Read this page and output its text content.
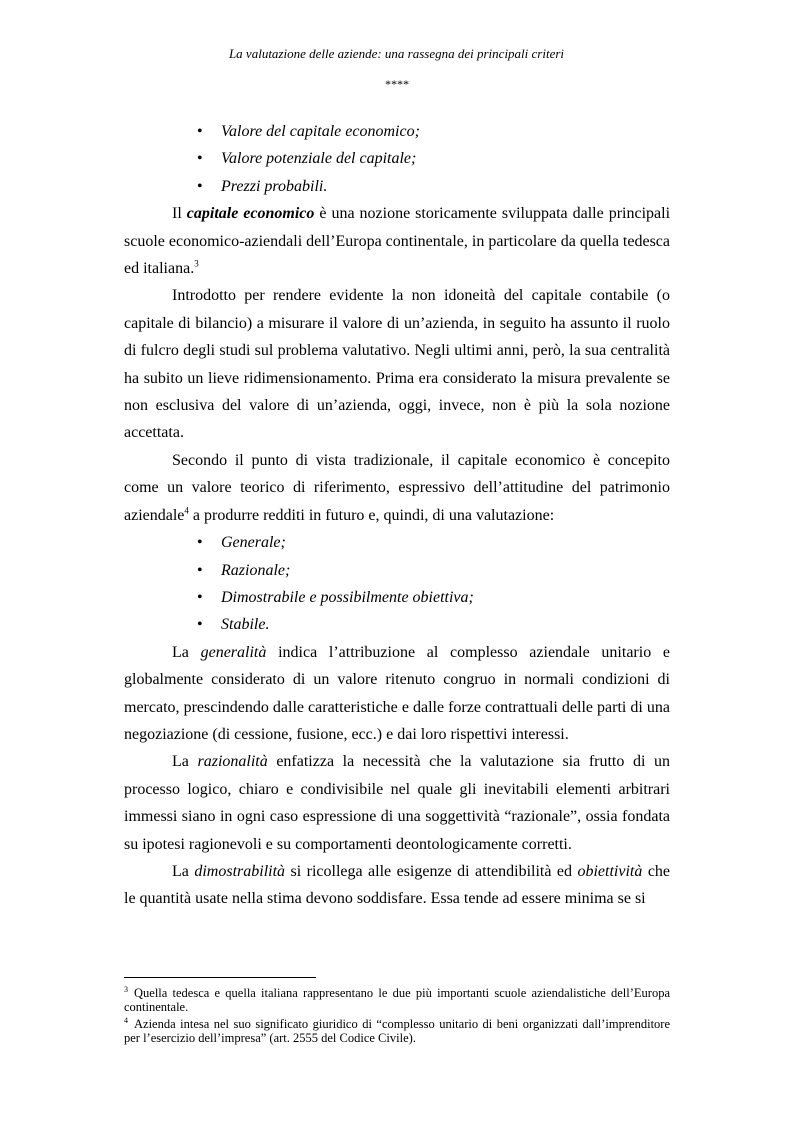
La valutazione delle aziende: una rassegna dei principali criteri
****
• Valore del capitale economico;
• Valore potenziale del capitale;
• Prezzi probabili.

Il capitale economico è una nozione storicamente sviluppata dalle principali scuole economico-aziendali dell’Europa continentale, in particolare da quella tedesca ed italiana.$^3$

Introdotto per rendere evidente la non idoneità del capitale contabile (o capitale di bilancio) a misurare il valore di un’azienda, in seguito ha assunto il ruolo di fulcro degli studi sul problema valutativo. Negli ultimi anni, però, la sua centralità ha subito un lieve ridimensionamento. Prima era considerato la misura prevalente se non esclusiva del valore di un’azienda, oggi, invece, non è più la sola nozione accettata.

Secondo il punto di vista tradizionale, il capitale economico è concepito come un valore teorico di riferimento, espressivo dell’attitudine del patrimonio aziendale$^4$ a produrre redditi in futuro e, quindi, di una valutazione:

• Generale;
• Razionale;
• Dimostrabile e possibilmente obiettiva;
• Stabile.

La generalità indica l’attribuzione al complesso aziendale unitario e globalmente considerato di un valore ritenuto congruo in normali condizioni di mercato, prescindendo dalle caratteristiche e dalle forze contrattuali delle parti di una negoziazione (di cessione, fusione, ecc.) e dai loro rispettivi interessi.

La razionalità enfatizza la necessità che la valutazione sia frutto di un processo logico, chiaro e condivisibile nel quale gli inevitabili elementi arbitrari immessi siano in ogni caso espressione di una soggettività “razionale”, ossia fondata su ipotesi ragionevoli e su comportamenti deontologicamente corretti.

La dimostrabilità si ricollega alle esigenze di attendibilità ed obiettività che le quantità usate nella stima devono soddisfare. Essa tende ad essere minima se si

$^3$ Quella tedesca e quella italiana rappresentano le due più importanti scuole aziendalistiche dell’Europa continentale.

$^4$ Azienda intesa nel suo significato giuridico di “complesso unitario di beni organizzati dall’imprenditore per l’esercizio dell’impresa” (art. 2555 del Codice Civile).
